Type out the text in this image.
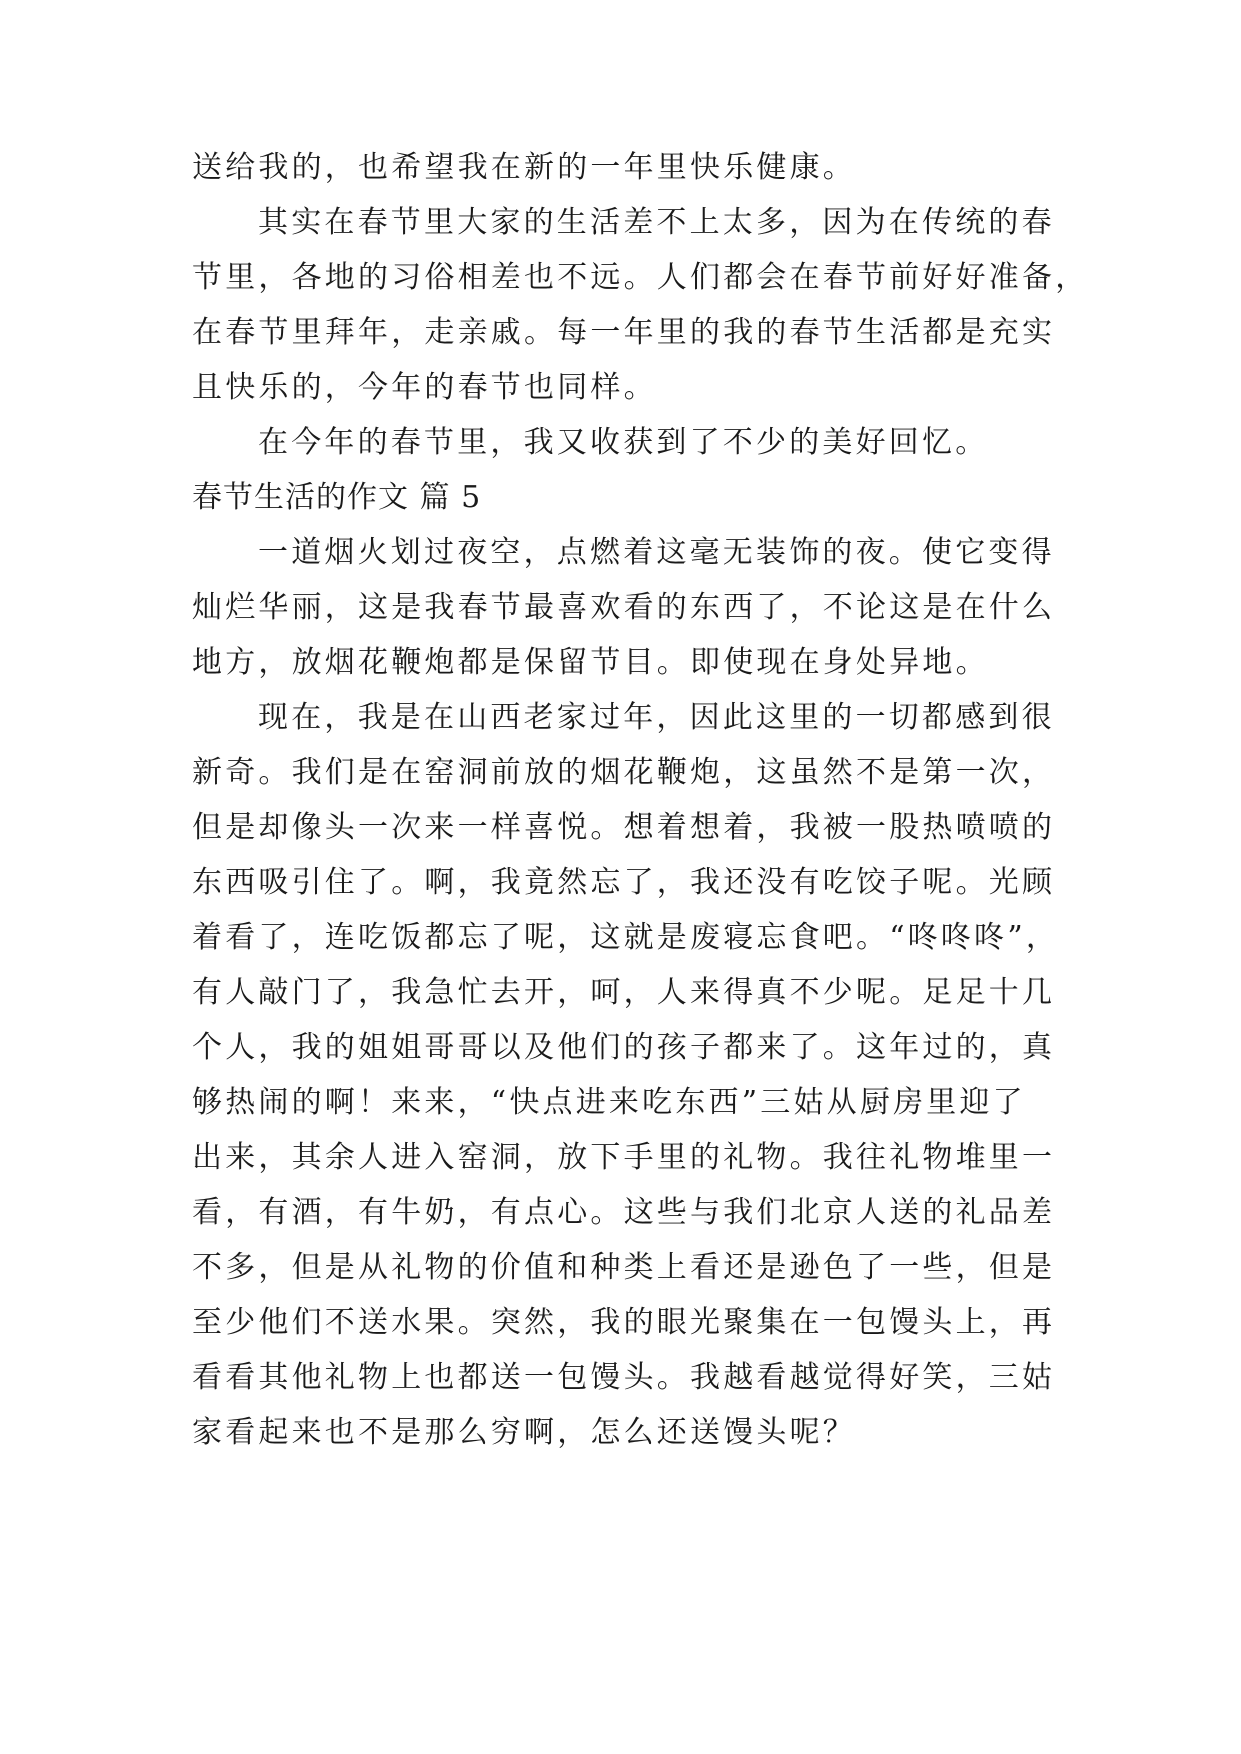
送给我的，也希望我在新的一年里快乐健康。
其实在春节里大家的生活差不上太多，因为在传统的春
节里，各地的习俗相差也不远。人们都会在春节前好好准备，
在春节里拜年，走亲戚。每一年里的我的春节生活都是充实
且快乐的，今年的春节也同样。
在今年的春节里，我又收获到了不少的美好回忆。
春节生活的作文 篇 5
一道烟火划过夜空，点燃着这毫无装饰的夜。使它变得
灿烂华丽，这是我春节最喜欢看的东西了，不论这是在什么
地方，放烟花鞭炮都是保留节目。即使现在身处异地。
现在，我是在山西老家过年，因此这里的一切都感到很
新奇。我们是在窑洞前放的烟花鞭炮，这虽然不是第一次，
但是却像头一次来一样喜悦。想着想着，我被一股热喷喷的
东西吸引住了。啊，我竟然忘了，我还没有吃饺子呢。光顾
着看了，连吃饭都忘了呢，这就是废寝忘食吧。“咚咚咚”，
有人敲门了，我急忙去开，呵，人来得真不少呢。足足十几
个人，我的姐姐哥哥以及他们的孩子都来了。这年过的，真
够热闹的啊！来来，“快点进来吃东西”三姑从厨房里迎了
出来，其余人进入窑洞，放下手里的礼物。我往礼物堆里一
看，有酒，有牛奶，有点心。这些与我们北京人送的礼品差
不多，但是从礼物的价值和种类上看还是逊色了一些，但是
至少他们不送水果。突然，我的眼光聚集在一包馒头上，再
看看其他礼物上也都送一包馒头。我越看越觉得好笑，三姑
家看起来也不是那么穷啊，怎么还送馒头呢？
